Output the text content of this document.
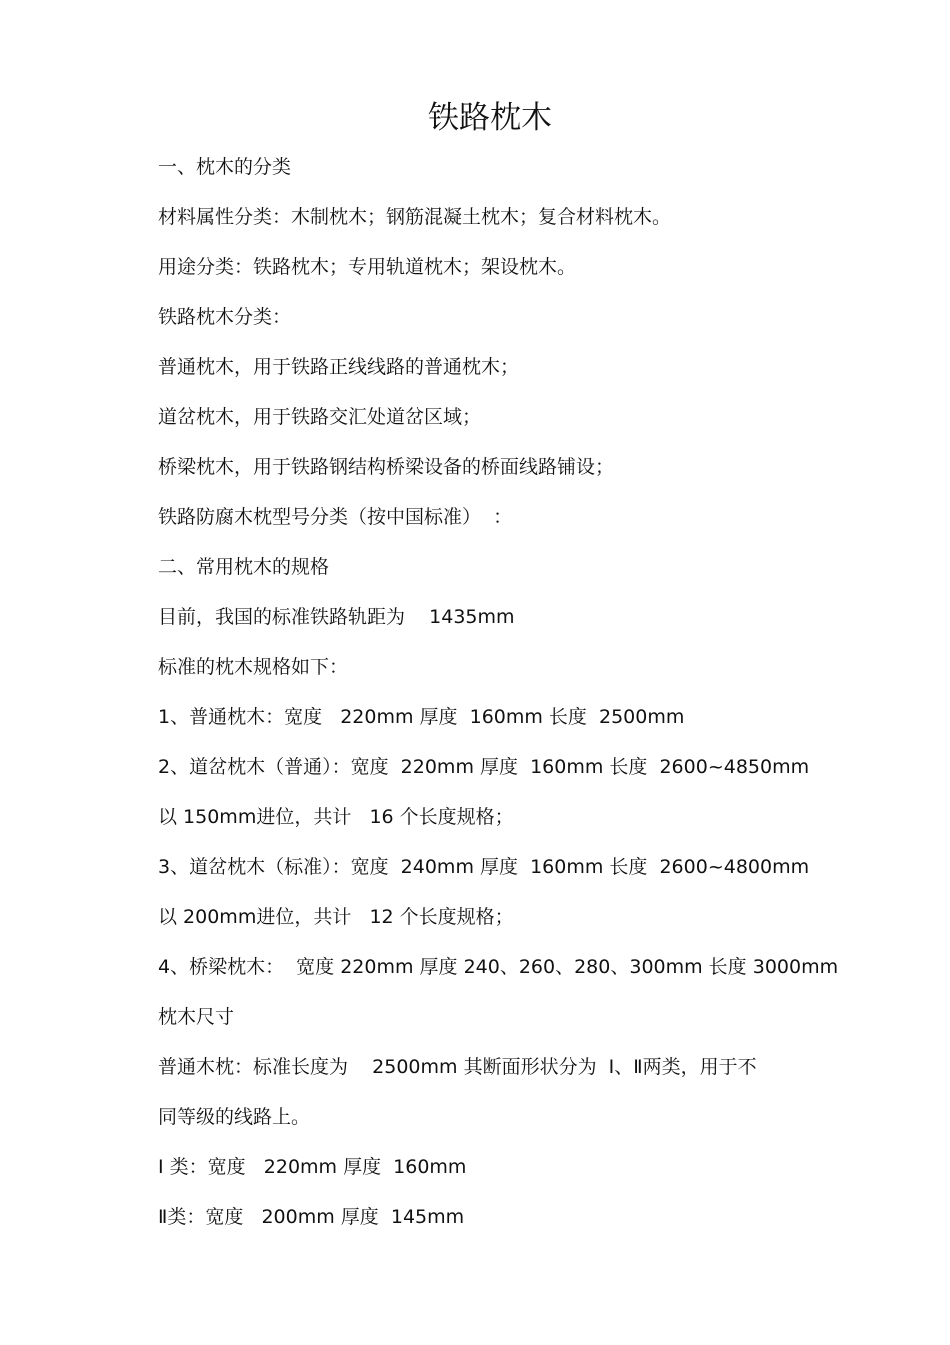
铁路枕木

一、枕木的分类

材料属性分类：木制枕木；钢筋混凝土枕木；复合材料枕木。

用途分类：铁路枕木；专用轨道枕木；架设枕木。

铁路枕木分类：

普通枕木，用于铁路正线线路的普通枕木；

道岔枕木，用于铁路交汇处道岔区域；

桥梁枕木，用于铁路钢结构桥梁设备的桥面线路铺设；

铁路防腐木枕型号分类（按中国标准）  ：

二、常用枕木的规格

目前，我国的标准铁路轨距为    1435mm

标准的枕木规格如下：

1、普通枕木：宽度   220mm 厚度  160mm 长度  2500mm

2、道岔枕木（普通）：宽度  220mm 厚度  160mm 长度  2600~4850mm

以 150mm进位，共计   16 个长度规格；

3、道岔枕木（标准）：宽度  240mm 厚度  160mm 长度  2600~4800mm

以 200mm进位，共计   12 个长度规格；

4、桥梁枕木：  宽度 220mm 厚度 240、260、280、300mm 长度 3000mm

枕木尺寸

普通木枕：标准长度为    2500mm 其断面形状分为  Ⅰ、Ⅱ两类，用于不

同等级的线路上。

Ⅰ 类：宽度   220mm 厚度  160mm

Ⅱ类：宽度   200mm 厚度  145mm
